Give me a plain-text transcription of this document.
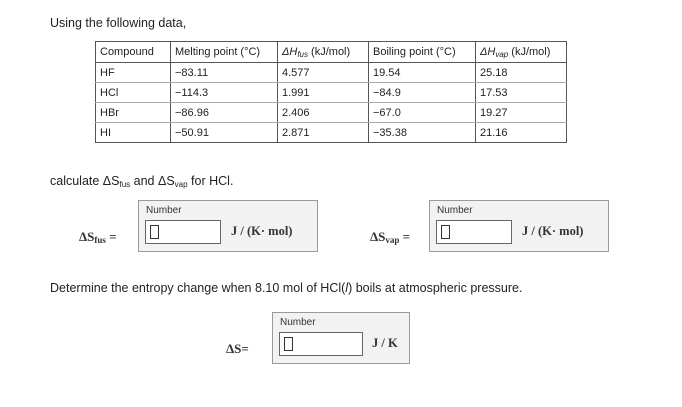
Using the following data,
Compound	Melting point (°C)	$\Delta H_{fus}$ (kJ/mol)	Boiling point (°C)	$\Delta H_{vap}$ (kJ/mol)
HF	−83.11	4.577	19.54	25.18
HCl	−114.3	1.991	−84.9	17.53
HBr	−86.96	2.406	−67.0	19.27
HI	−50.91	2.871	−35.38	21.16
calculate $\Delta S_{fus}$ and $\Delta S_{vap}$ for HCl.
$\Delta S_{fus}$ =
Number
J / (K· mol)	$\Delta S_{vap}$ =
Number
J / (K· mol)
Determine the entropy change when 8.10 mol of HCl(l) boils at atmospheric pressure.
ΔS=
Number
J / K
